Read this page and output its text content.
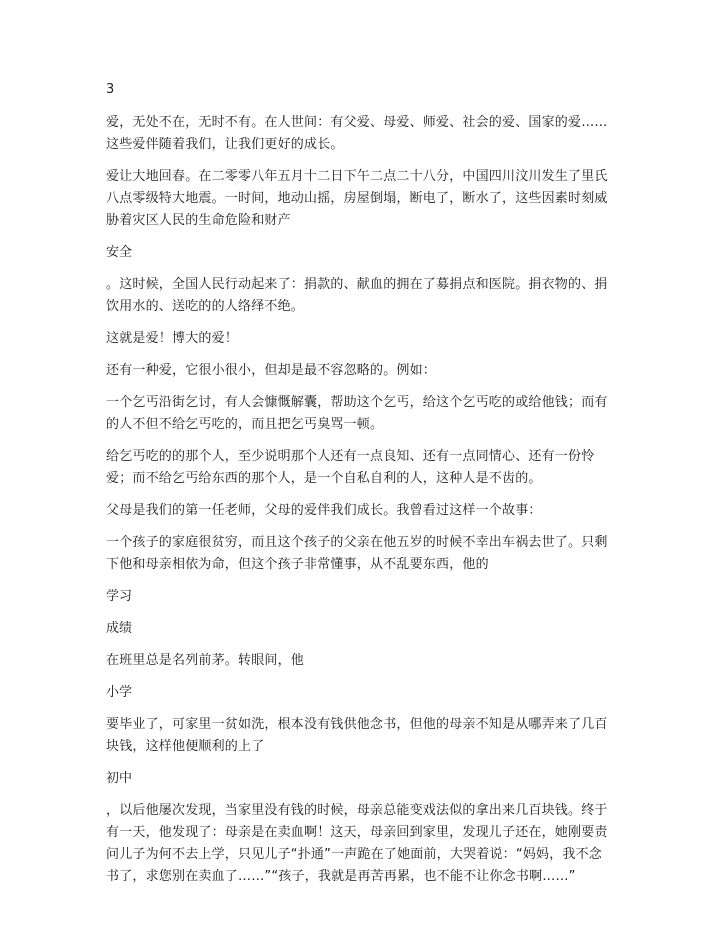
3

爱，无处不在，无时不有。在人世间：有父爱、母爱、师爱、社会的爱、国家的爱……这些爱伴随着我们，让我们更好的成长。

爱让大地回春。在二零零八年五月十二日下午二点二十八分，中国四川汶川发生了里氏八点零级特大地震。一时间，地动山摇，房屋倒塌，断电了，断水了，这些因素时刻威胁着灾区人民的生命危险和财产

安全

。这时候，全国人民行动起来了：捐款的、献血的拥在了募捐点和医院。捐衣物的、捐饮用水的、送吃的的人络绎不绝。

这就是爱！博大的爱！

还有一种爱，它很小很小，但却是最不容忽略的。例如：

一个乞丐沿街乞讨，有人会慷慨解囊，帮助这个乞丐，给这个乞丐吃的或给他钱；而有的人不但不给乞丐吃的，而且把乞丐臭骂一顿。

给乞丐吃的的那个人，至少说明那个人还有一点良知、还有一点同情心、还有一份怜爱；而不给乞丐给东西的那个人，是一个自私自利的人，这种人是不齿的。

父母是我们的第一任老师，父母的爱伴我们成长。我曾看过这样一个故事：

一个孩子的家庭很贫穷，而且这个孩子的父亲在他五岁的时候不幸出车祸去世了。只剩下他和母亲相依为命，但这个孩子非常懂事，从不乱要东西，他的

学习

成绩

在班里总是名列前茅。转眼间，他

小学

要毕业了，可家里一贫如洗，根本没有钱供他念书，但他的母亲不知是从哪弄来了几百块钱，这样他便顺利的上了

初中

，以后他屡次发现，当家里没有钱的时候，母亲总能变戏法似的拿出来几百块钱。终于有一天，他发现了：母亲是在卖血啊！这天，母亲回到家里，发现儿子还在，她刚要责问儿子为何不去上学，只见儿子“扑通”一声跪在了她面前，大哭着说：“妈妈，我不念书了，求您别在卖血了……”“孩子，我就是再苦再累，也不能不让你念书啊……”
